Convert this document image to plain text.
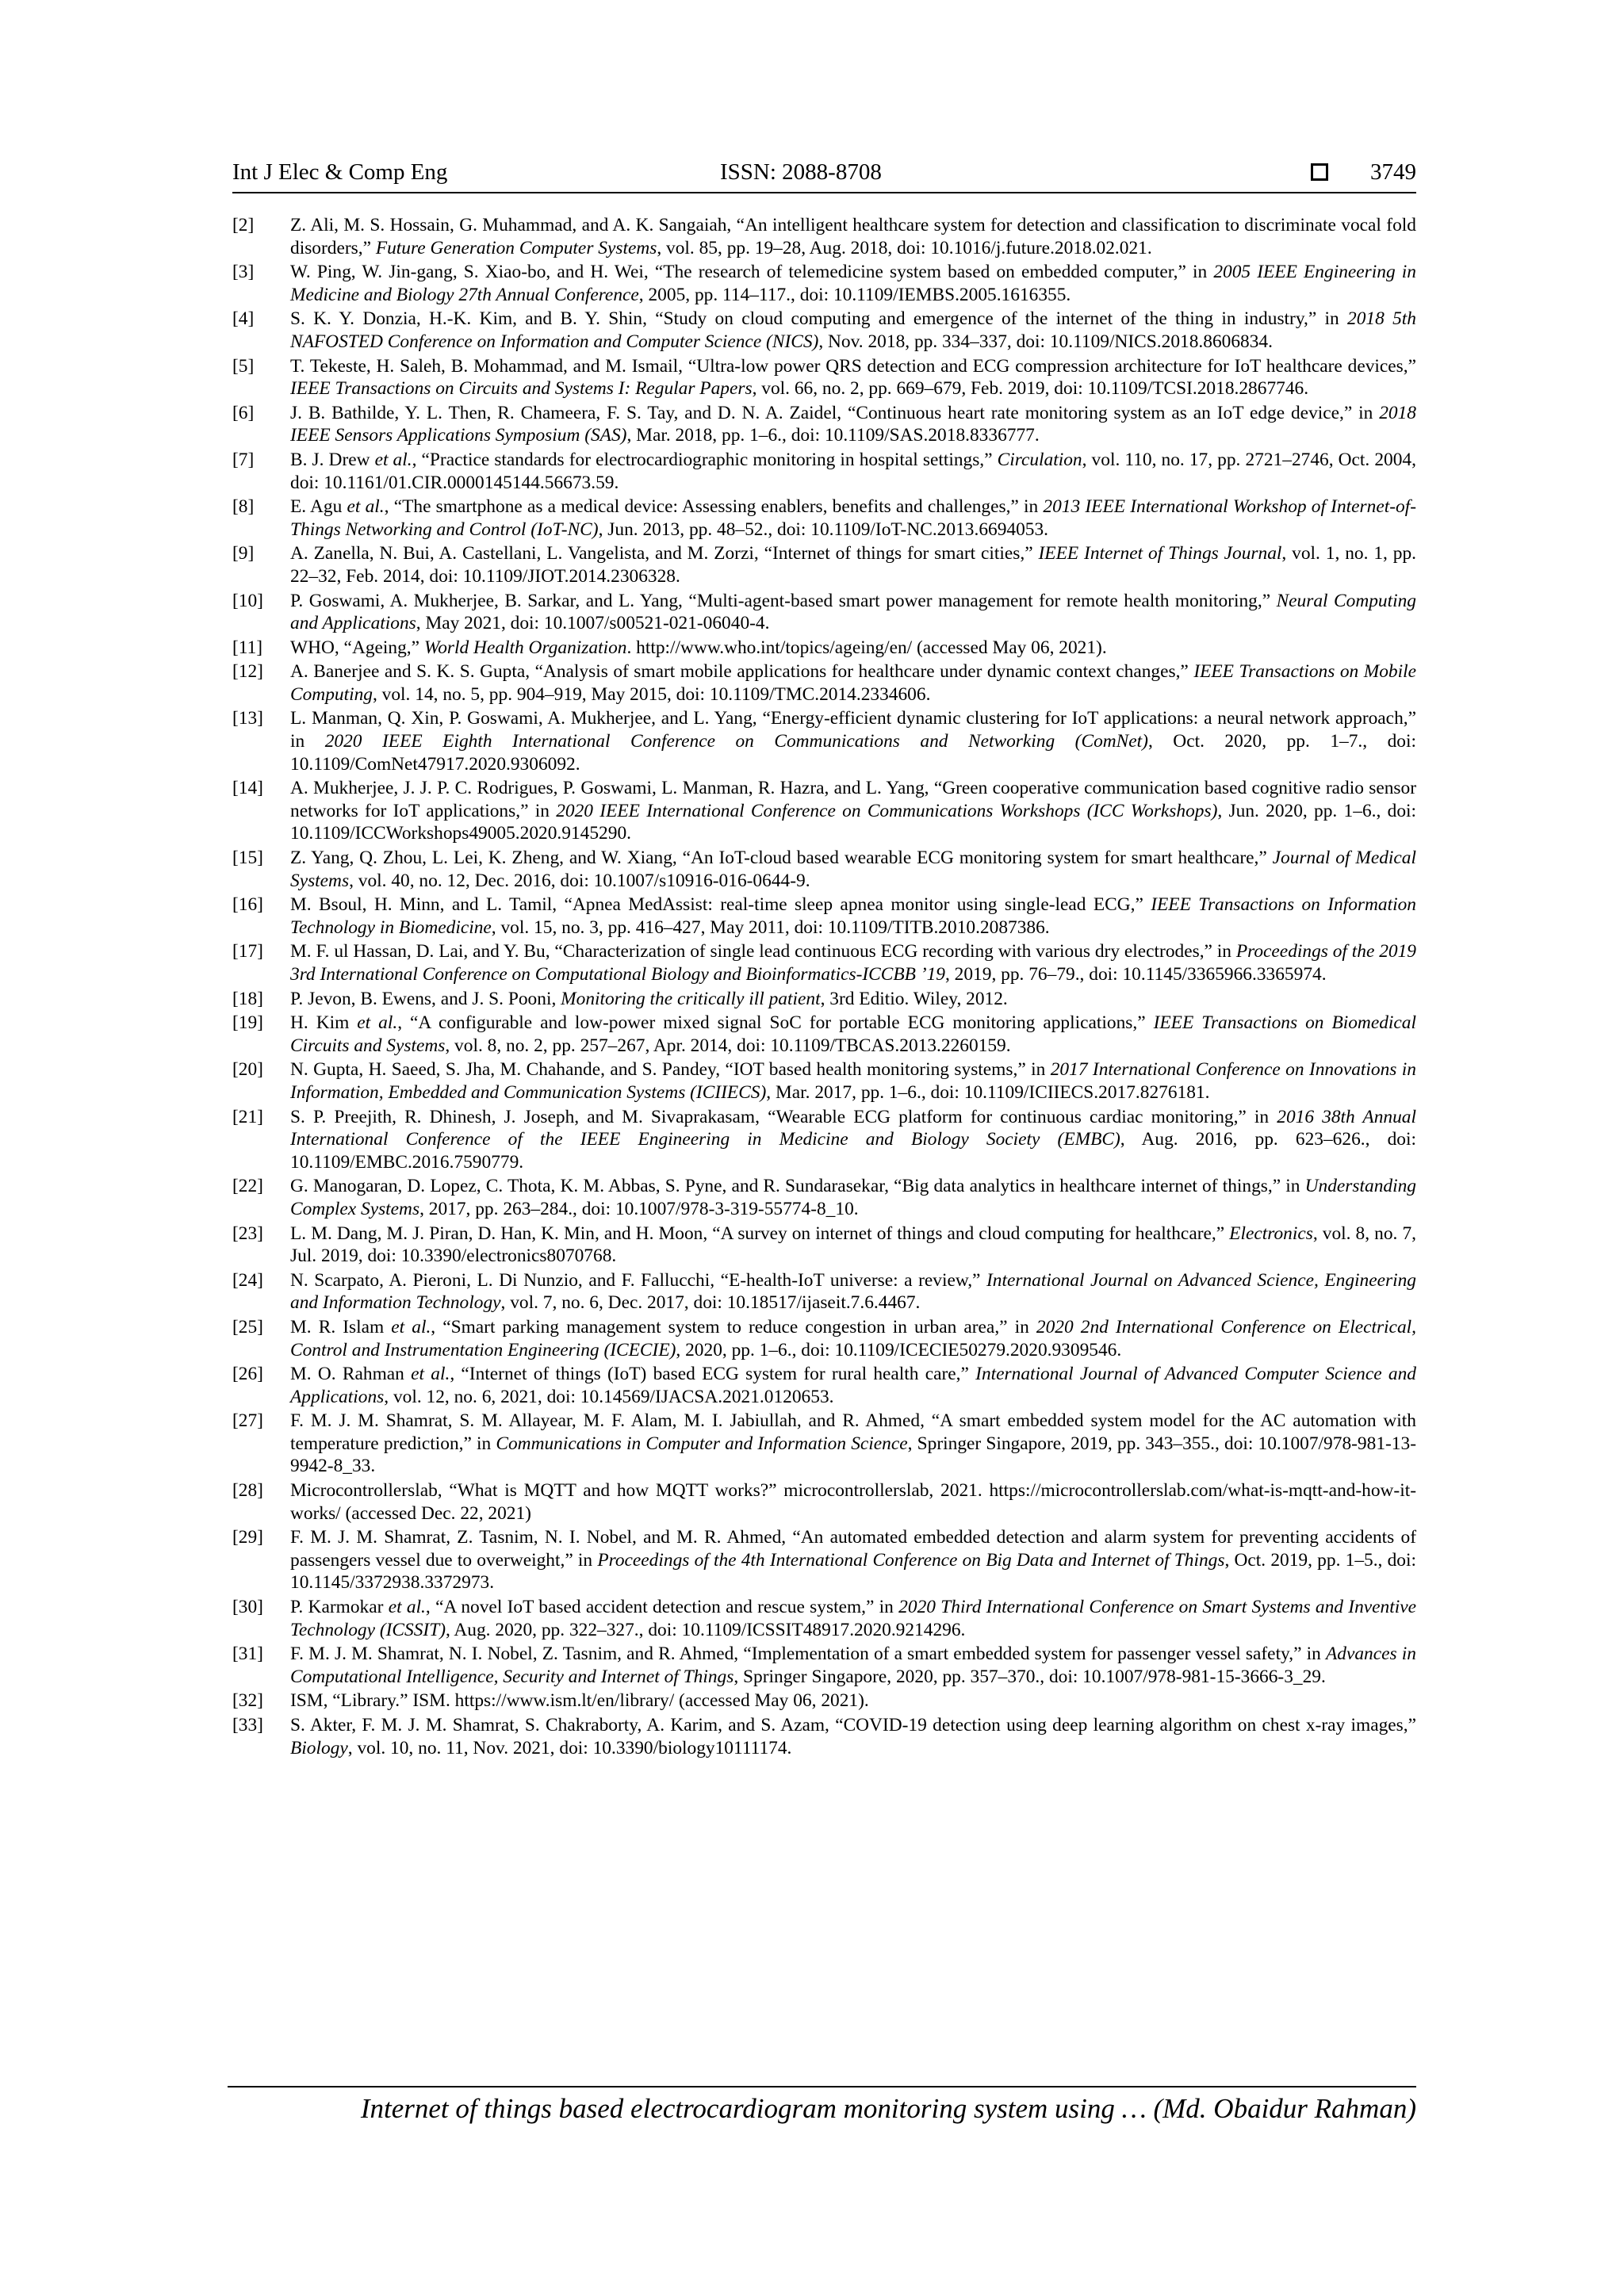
Int J Elec & Comp Eng	ISSN: 2088-8708	3749
[2] Z. Ali, M. S. Hossain, G. Muhammad, and A. K. Sangaiah, “An intelligent healthcare system for detection and classification to discriminate vocal fold disorders,” Future Generation Computer Systems, vol. 85, pp. 19–28, Aug. 2018, doi: 10.1016/j.future.2018.02.021.
[3] W. Ping, W. Jin-gang, S. Xiao-bo, and H. Wei, “The research of telemedicine system based on embedded computer,” in 2005 IEEE Engineering in Medicine and Biology 27th Annual Conference, 2005, pp. 114–117., doi: 10.1109/IEMBS.2005.1616355.
[4] S. K. Y. Donzia, H.-K. Kim, and B. Y. Shin, “Study on cloud computing and emergence of the internet of the thing in industry,” in 2018 5th NAFOSTED Conference on Information and Computer Science (NICS), Nov. 2018, pp. 334–337, doi: 10.1109/NICS.2018.8606834.
[5] T. Tekeste, H. Saleh, B. Mohammad, and M. Ismail, “Ultra-low power QRS detection and ECG compression architecture for IoT healthcare devices,” IEEE Transactions on Circuits and Systems I: Regular Papers, vol. 66, no. 2, pp. 669–679, Feb. 2019, doi: 10.1109/TCSI.2018.2867746.
[6] J. B. Bathilde, Y. L. Then, R. Chameera, F. S. Tay, and D. N. A. Zaidel, “Continuous heart rate monitoring system as an IoT edge device,” in 2018 IEEE Sensors Applications Symposium (SAS), Mar. 2018, pp. 1–6., doi: 10.1109/SAS.2018.8336777.
[7] B. J. Drew et al., “Practice standards for electrocardiographic monitoring in hospital settings,” Circulation, vol. 110, no. 17, pp. 2721–2746, Oct. 2004, doi: 10.1161/01.CIR.0000145144.56673.59.
[8] E. Agu et al., “The smartphone as a medical device: Assessing enablers, benefits and challenges,” in 2013 IEEE International Workshop of Internet-of-Things Networking and Control (IoT-NC), Jun. 2013, pp. 48–52., doi: 10.1109/IoT-NC.2013.6694053.
[9] A. Zanella, N. Bui, A. Castellani, L. Vangelista, and M. Zorzi, “Internet of things for smart cities,” IEEE Internet of Things Journal, vol. 1, no. 1, pp. 22–32, Feb. 2014, doi: 10.1109/JIOT.2014.2306328.
[10] P. Goswami, A. Mukherjee, B. Sarkar, and L. Yang, “Multi-agent-based smart power management for remote health monitoring,” Neural Computing and Applications, May 2021, doi: 10.1007/s00521-021-06040-4.
[11] WHO, “Ageing,” World Health Organization. http://www.who.int/topics/ageing/en/ (accessed May 06, 2021).
[12] A. Banerjee and S. K. S. Gupta, “Analysis of smart mobile applications for healthcare under dynamic context changes,” IEEE Transactions on Mobile Computing, vol. 14, no. 5, pp. 904–919, May 2015, doi: 10.1109/TMC.2014.2334606.
[13] L. Manman, Q. Xin, P. Goswami, A. Mukherjee, and L. Yang, “Energy-efficient dynamic clustering for IoT applications: a neural network approach,” in 2020 IEEE Eighth International Conference on Communications and Networking (ComNet), Oct. 2020, pp. 1–7., doi: 10.1109/ComNet47917.2020.9306092.
[14] A. Mukherjee, J. J. P. C. Rodrigues, P. Goswami, L. Manman, R. Hazra, and L. Yang, “Green cooperative communication based cognitive radio sensor networks for IoT applications,” in 2020 IEEE International Conference on Communications Workshops (ICC Workshops), Jun. 2020, pp. 1–6., doi: 10.1109/ICCWorkshops49005.2020.9145290.
[15] Z. Yang, Q. Zhou, L. Lei, K. Zheng, and W. Xiang, “An IoT-cloud based wearable ECG monitoring system for smart healthcare,” Journal of Medical Systems, vol. 40, no. 12, Dec. 2016, doi: 10.1007/s10916-016-0644-9.
[16] M. Bsoul, H. Minn, and L. Tamil, “Apnea MedAssist: real-time sleep apnea monitor using single-lead ECG,” IEEE Transactions on Information Technology in Biomedicine, vol. 15, no. 3, pp. 416–427, May 2011, doi: 10.1109/TITB.2010.2087386.
[17] M. F. ul Hassan, D. Lai, and Y. Bu, “Characterization of single lead continuous ECG recording with various dry electrodes,” in Proceedings of the 2019 3rd International Conference on Computational Biology and Bioinformatics-ICCBB ’19, 2019, pp. 76–79., doi: 10.1145/3365966.3365974.
[18] P. Jevon, B. Ewens, and J. S. Pooni, Monitoring the critically ill patient, 3rd Editio. Wiley, 2012.
[19] H. Kim et al., “A configurable and low-power mixed signal SoC for portable ECG monitoring applications,” IEEE Transactions on Biomedical Circuits and Systems, vol. 8, no. 2, pp. 257–267, Apr. 2014, doi: 10.1109/TBCAS.2013.2260159.
[20] N. Gupta, H. Saeed, S. Jha, M. Chahande, and S. Pandey, “IOT based health monitoring systems,” in 2017 International Conference on Innovations in Information, Embedded and Communication Systems (ICIIECS), Mar. 2017, pp. 1–6., doi: 10.1109/ICIIECS.2017.8276181.
[21] S. P. Preejith, R. Dhinesh, J. Joseph, and M. Sivaprakasam, “Wearable ECG platform for continuous cardiac monitoring,” in 2016 38th Annual International Conference of the IEEE Engineering in Medicine and Biology Society (EMBC), Aug. 2016, pp. 623–626., doi: 10.1109/EMBC.2016.7590779.
[22] G. Manogaran, D. Lopez, C. Thota, K. M. Abbas, S. Pyne, and R. Sundarasekar, “Big data analytics in healthcare internet of things,” in Understanding Complex Systems, 2017, pp. 263–284., doi: 10.1007/978-3-319-55774-8_10.
[23] L. M. Dang, M. J. Piran, D. Han, K. Min, and H. Moon, “A survey on internet of things and cloud computing for healthcare,” Electronics, vol. 8, no. 7, Jul. 2019, doi: 10.3390/electronics8070768.
[24] N. Scarpato, A. Pieroni, L. Di Nunzio, and F. Fallucchi, “E-health-IoT universe: a review,” International Journal on Advanced Science, Engineering and Information Technology, vol. 7, no. 6, Dec. 2017, doi: 10.18517/ijaseit.7.6.4467.
[25] M. R. Islam et al., “Smart parking management system to reduce congestion in urban area,” in 2020 2nd International Conference on Electrical, Control and Instrumentation Engineering (ICECIE), 2020, pp. 1–6., doi: 10.1109/ICECIE50279.2020.9309546.
[26] M. O. Rahman et al., “Internet of things (IoT) based ECG system for rural health care,” International Journal of Advanced Computer Science and Applications, vol. 12, no. 6, 2021, doi: 10.14569/IJACSA.2021.0120653.
[27] F. M. J. M. Shamrat, S. M. Allayear, M. F. Alam, M. I. Jabiullah, and R. Ahmed, “A smart embedded system model for the AC automation with temperature prediction,” in Communications in Computer and Information Science, Springer Singapore, 2019, pp. 343–355., doi: 10.1007/978-981-13-9942-8_33.
[28] Microcontrollerslab, “What is MQTT and how MQTT works?” microcontrollerslab, 2021. https://microcontrollerslab.com/what-is-mqtt-and-how-it-works/ (accessed Dec. 22, 2021)
[29] F. M. J. M. Shamrat, Z. Tasnim, N. I. Nobel, and M. R. Ahmed, “An automated embedded detection and alarm system for preventing accidents of passengers vessel due to overweight,” in Proceedings of the 4th International Conference on Big Data and Internet of Things, Oct. 2019, pp. 1–5., doi: 10.1145/3372938.3372973.
[30] P. Karmokar et al., “A novel IoT based accident detection and rescue system,” in 2020 Third International Conference on Smart Systems and Inventive Technology (ICSSIT), Aug. 2020, pp. 322–327., doi: 10.1109/ICSSIT48917.2020.9214296.
[31] F. M. J. M. Shamrat, N. I. Nobel, Z. Tasnim, and R. Ahmed, “Implementation of a smart embedded system for passenger vessel safety,” in Advances in Computational Intelligence, Security and Internet of Things, Springer Singapore, 2020, pp. 357–370., doi: 10.1007/978-981-15-3666-3_29.
[32] ISM, “Library.” ISM. https://www.ism.lt/en/library/ (accessed May 06, 2021).
[33] S. Akter, F. M. J. M. Shamrat, S. Chakraborty, A. Karim, and S. Azam, “COVID-19 detection using deep learning algorithm on chest x-ray images,” Biology, vol. 10, no. 11, Nov. 2021, doi: 10.3390/biology10111174.
Internet of things based electrocardiogram monitoring system using … (Md. Obaidur Rahman)
